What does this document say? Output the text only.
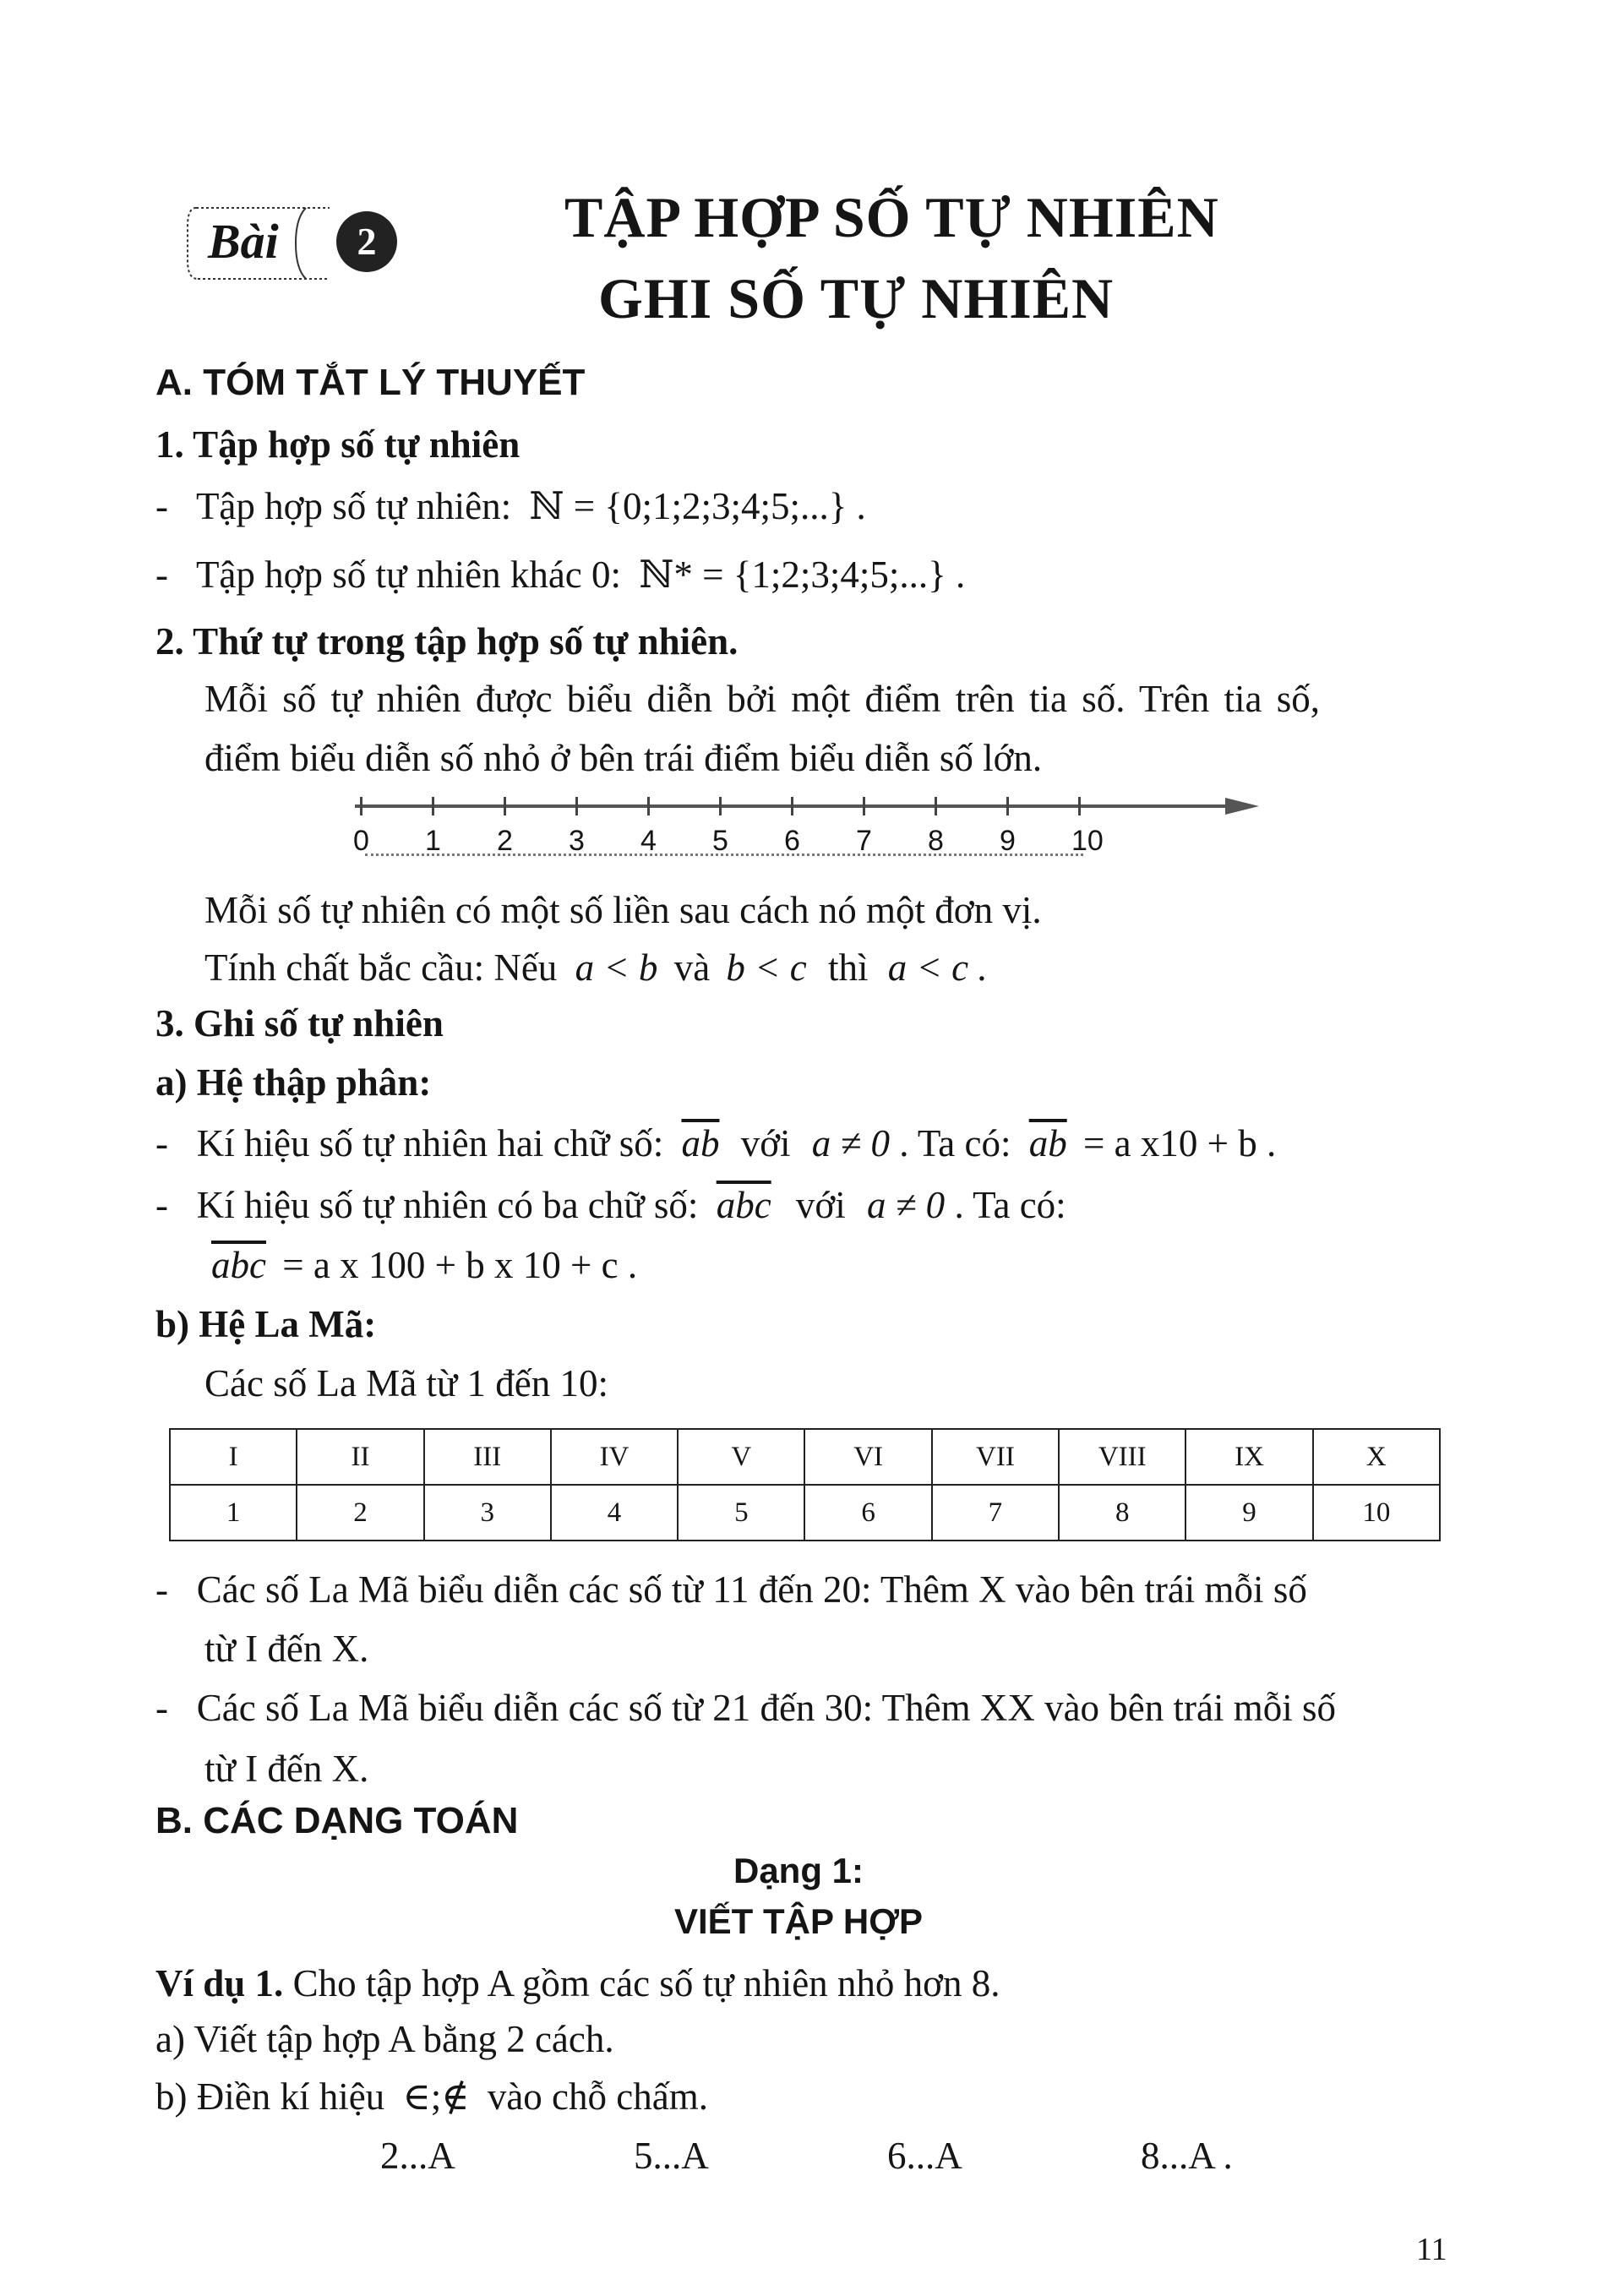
Bài	2	TẬP HỢP SỐ TỰ NHIÊN
GHI SỐ TỰ NHIÊN
A. TÓM TẮT LÝ THUYẾT
1. Tập hợp số tự nhiên
-   Tập hợp số tự nhiên: ℕ = {0;1;2;3;4;5;...} .
-   Tập hợp số tự nhiên khác 0: ℕ* = {1;2;3;4;5;...} .
2. Thứ tự trong tập hợp số tự nhiên.
Mỗi số tự nhiên được biểu diễn bởi một điểm trên tia số. Trên tia số,
điểm biểu diễn số nhỏ ở bên trái điểm biểu diễn số lớn.
0 1 2 3 4 5 6 7 8 9 10
Mỗi số tự nhiên có một số liền sau cách nó một đơn vị.
Tính chất bắc cầu: Nếu a < b và b < c thì a < c .
3. Ghi số tự nhiên
a) Hệ thập phân:
-   Kí hiệu số tự nhiên hai chữ số: $\overline{ab}$ với a ≠ 0 . Ta có: $\overline{ab} = a$ x10 + b .
-   Kí hiệu số tự nhiên có ba chữ số: $\overline{abc}$ với a ≠ 0 . Ta có:
$\overline{abc} = a$ x 100 + b x 10 + c .
b) Hệ La Mã:
Các số La Mã từ 1 đến 10:
I	II	III	IV	V	VI	VII	VIII	IX	X
1	2	3	4	5	6	7	8	9	10
-   Các số La Mã biểu diễn các số từ 11 đến 20: Thêm X vào bên trái mỗi số
từ I đến X.
-   Các số La Mã biểu diễn các số từ 21 đến 30: Thêm XX vào bên trái mỗi số
từ I đến X.
B. CÁC DẠNG TOÁN
Dạng 1:
VIẾT TẬP HỢP
Ví dụ 1. Cho tập hợp A gồm các số tự nhiên nhỏ hơn 8.
a) Viết tập hợp A bằng 2 cách.
b) Điền kí hiệu ∈;∉ vào chỗ chấm.
2...A	5...A	6...A	8...A .
11
